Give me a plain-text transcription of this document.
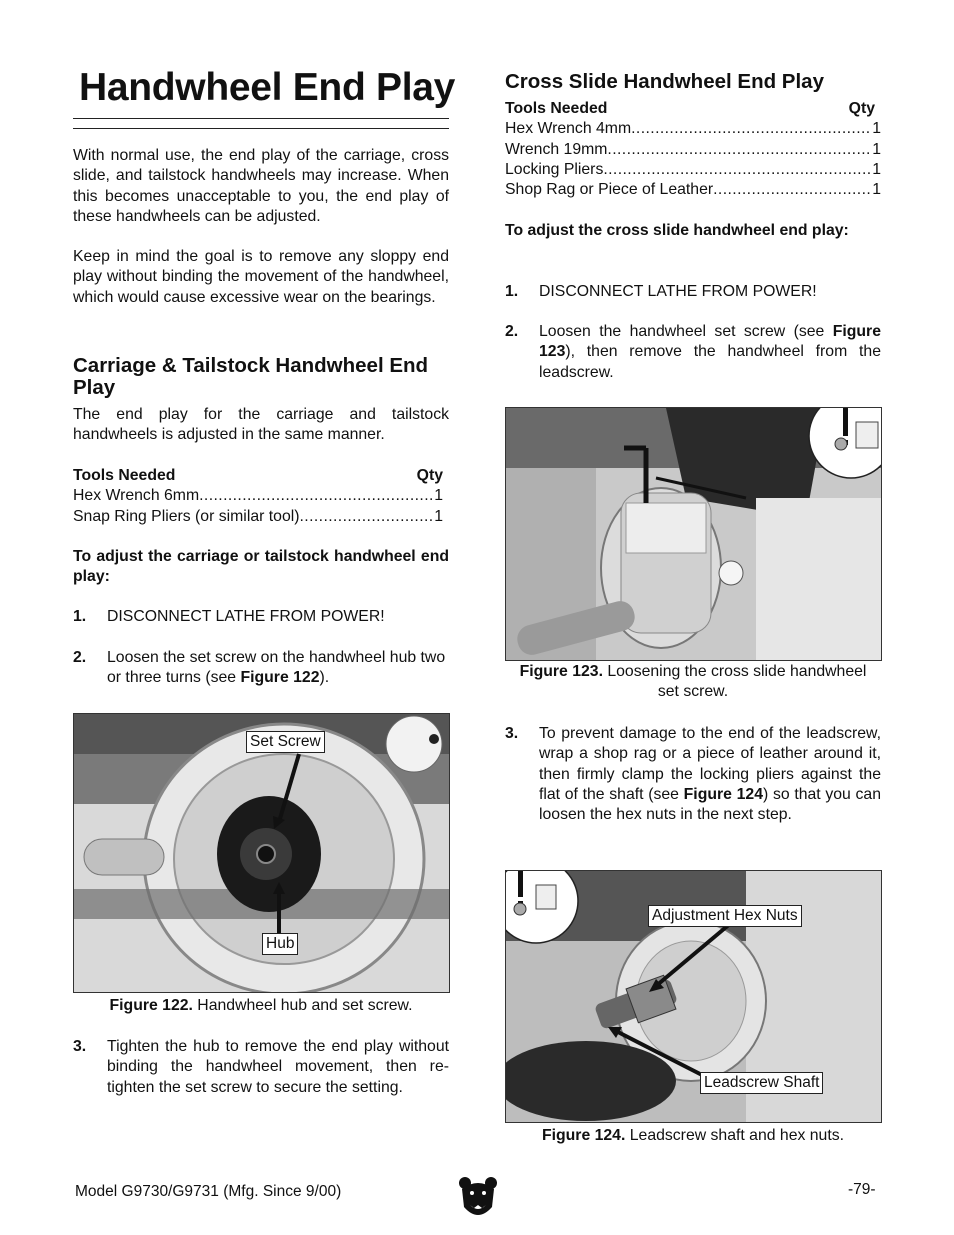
Handwheel End Play

With normal use, the end play of the carriage, cross slide, and tailstock handwheels may increase. When this becomes unacceptable to you, the end play of these handwheels can be adjusted.

Keep in mind the goal is to remove any sloppy end play without binding the movement of the handwheel, which would cause excessive wear on the bearings.

Carriage & Tailstock Handwheel End Play

The end play for the carriage and tailstock handwheels is adjusted in the same manner.

Tools Needed	Qty
Hex Wrench 6mm .....	1
Snap Ring Pliers (or similar tool) .....	1

To adjust the carriage or tailstock handwheel end play:

1.	DISCONNECT LATHE FROM POWER!
2.	Loosen the set screw on the handwheel hub two or three turns (see Figure 122).
Set Screw
Hub
Figure 122. Handwheel hub and set screw.
3.	Tighten the hub to remove the end play without binding the handwheel movement, then re-tighten the set screw to secure the setting.
Cross Slide Handwheel End Play
Tools Needed	Qty
Hex Wrench 4mm .....	1
Wrench 19mm .....	1
Locking Pliers .....	1
Shop Rag or Piece of Leather .....	1

To adjust the cross slide handwheel end play:

1.	DISCONNECT LATHE FROM POWER!
2.	Loosen the handwheel set screw (see Figure 123), then remove the handwheel from the leadscrew.
Figure 123. Loosening the cross slide handwheel set screw.
3.	To prevent damage to the end of the leadscrew, wrap a shop rag or a piece of leather around it, then firmly clamp the locking pliers against the flat of the shaft (see Figure 124) so that you can loosen the hex nuts in the next step.
Adjustment Hex Nuts
Leadscrew Shaft
Figure 124. Leadscrew shaft and hex nuts.
Model G9730/G9731 (Mfg. Since 9/00)	-79-
